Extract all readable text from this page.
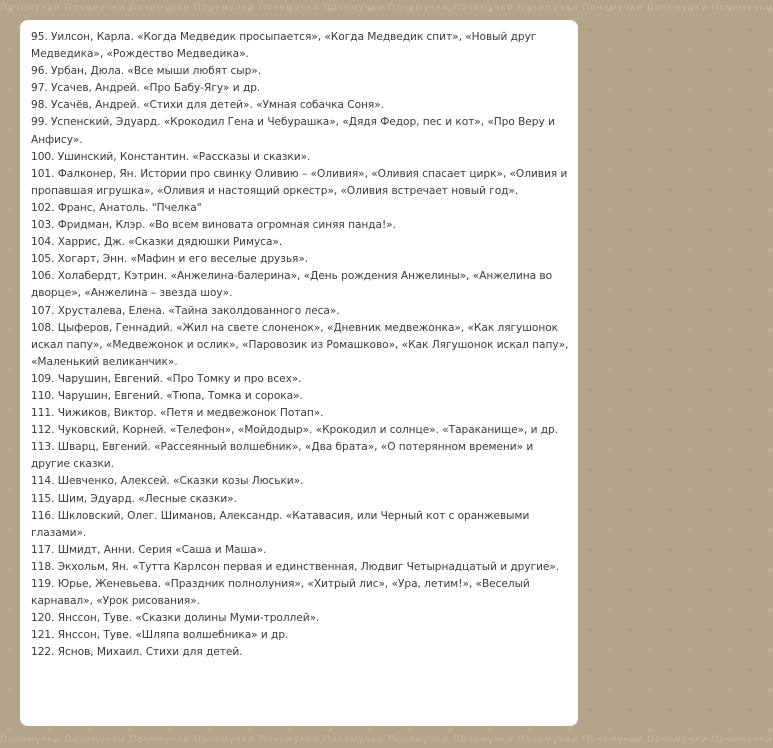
Почемучки Почемучки Почемучки Почемучки Почемучки Почемучки Почемучки Почемучки Почемучки Почемучки Почемучки Почемучки
Почемучки Почемучки Почемучки Почемучки Почемучки Почемучки Почемучки Почемучки Почемучки Почемучки Почемучки Почемучки
95. Уилсон, Карла. «Когда Медведик просыпается», «Когда Медведик спит», «Новый друг Медведика», «Рождество Медведика».
96. Урбан, Дюла. «Все мыши любят сыр».
97. Усачев, Андрей. «Про Бабу-Ягу» и др.
98. Усачёв, Андрей. «Стихи для детей». «Умная собачка Соня».
99. Успенский, Эдуард. «Крокодил Гена и Чебурашка», «Дядя Федор, пес и кот», «Про Веру и Анфису».
100. Ушинский, Константин. «Рассказы и сказки».
101. Фалконер, Ян. Истории про свинку Оливию – «Оливия», «Оливия спасает цирк», «Оливия и пропавшая игрушка», «Оливия и настоящий оркестр», «Оливия встречает новый год».
102. Франс, Анатоль. "Пчелка"
103. Фридман, Клэр. «Во всем виновата огромная синяя панда!».
104. Харрис, Дж. «Сказки дядюшки Римуса».
105. Хогарт, Энн. «Мафин и его веселые друзья».
106. Холабердт, Кэтрин. «Анжелина-балерина», «День рождения Анжелины», «Анжелина во дворце», «Анжелина – звезда шоу».
107. Хрусталева, Елена. «Тайна заколдованного леса».
108. Цыферов, Геннадий. «Жил на свете слоненок», «Дневник медвежонка», «Как лягушонок искал папу», «Медвежонок и ослик», «Паровозик из Ромашково», «Как Лягушонок искал папу», «Маленький великанчик».
109. Чарушин, Евгений. «Про Томку и про всех».
110. Чарушин, Евгений. «Тюпа, Томка и сорока».
111. Чижиков, Виктор. «Петя и медвежонок Потап».
112. Чуковский, Корней. «Телефон», «Мойдодыр». «Крокодил и солнце». «Тараканище», и др.
113. Шварц, Евгений. «Рассеянный волшебник», «Два брата», «О потерянном времени» и другие сказки.
114. Шевченко, Алексей. «Сказки козы Люськи».
115. Шим, Эдуард. «Лесные сказки».
116. Шкловский, Олег. Шиманов, Александр. «Катавасия, или Черный кот с оранжевыми глазами».
117. Шмидт, Анни. Серия «Саша и Маша».
118. Экхольм, Ян. «Тутта Карлсон первая и единственная, Людвиг Четырнадцатый и другие».
119. Юрье, Женевьева. «Праздник полнолуния», «Хитрый лис», «Ура, летим!», «Веселый карнавал», «Урок рисования».
120. Янссон, Туве. «Сказки долины Муми-троллей».
121. Янссон, Туве. «Шляпа волшебника» и др.
122. Яснов, Михаил. Стихи для детей.
